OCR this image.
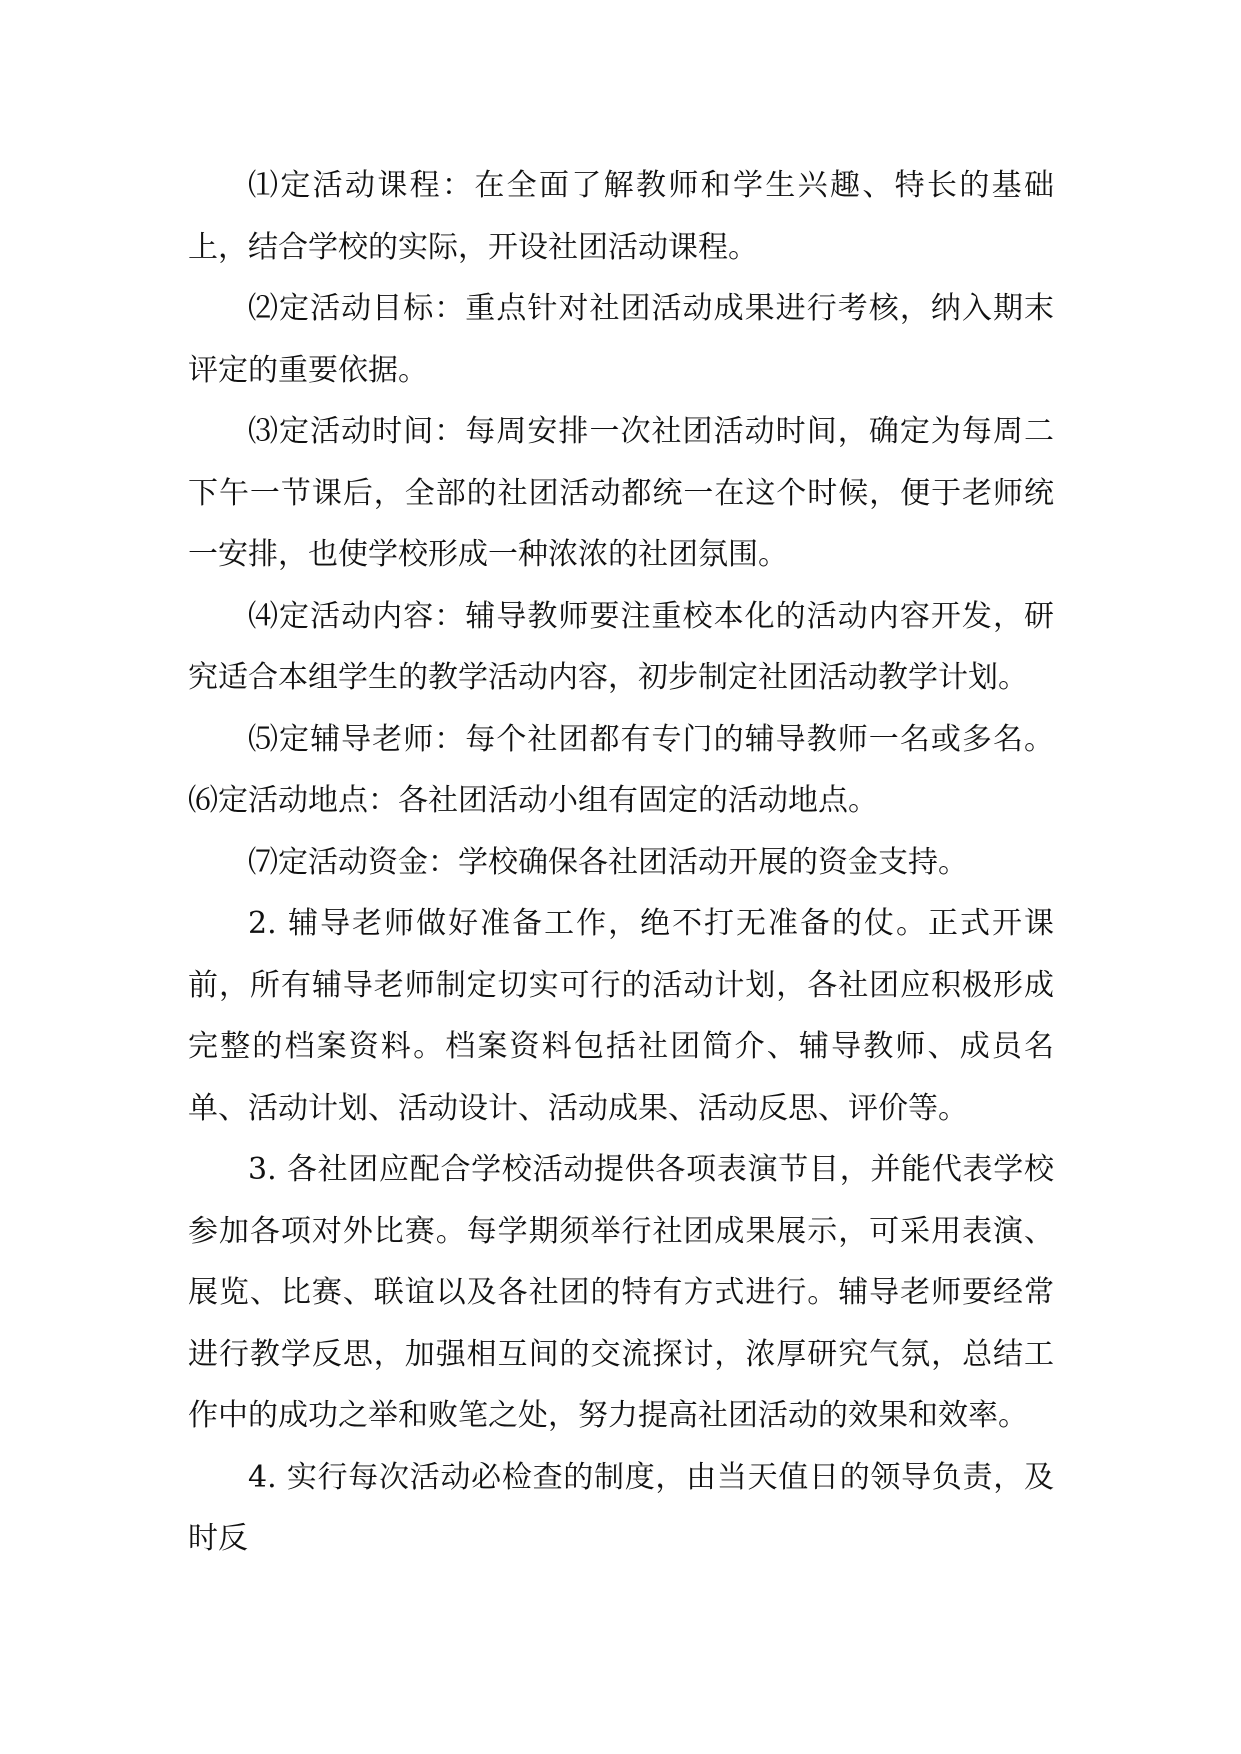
⑴定活动课程：在全面了解教师和学生兴趣、特长的基础上，结合学校的实际，开设社团活动课程。

⑵定活动目标：重点针对社团活动成果进行考核，纳入期末评定的重要依据。

⑶定活动时间：每周安排一次社团活动时间，确定为每周二下午一节课后，全部的社团活动都统一在这个时候，便于老师统一安排，也使学校形成一种浓浓的社团氛围。

⑷定活动内容：辅导教师要注重校本化的活动内容开发，研究适合本组学生的教学活动内容，初步制定社团活动教学计划。

⑸定辅导老师：每个社团都有专门的辅导教师一名或多名。⑹定活动地点：各社团活动小组有固定的活动地点。

⑺定活动资金：学校确保各社团活动开展的资金支持。

2. 辅导老师做好准备工作，绝不打无准备的仗。正式开课前，所有辅导老师制定切实可行的活动计划，各社团应积极形成完整的档案资料。档案资料包括社团简介、辅导教师、成员名单、活动计划、活动设计、活动成果、活动反思、评价等。

3. 各社团应配合学校活动提供各项表演节目，并能代表学校参加各项对外比赛。每学期须举行社团成果展示，可采用表演、展览、比赛、联谊以及各社团的特有方式进行。辅导老师要经常进行教学反思，加强相互间的交流探讨，浓厚研究气氛，总结工作中的成功之举和败笔之处，努力提高社团活动的效果和效率。

4. 实行每次活动必检查的制度，由当天值日的领导负责，及时反
